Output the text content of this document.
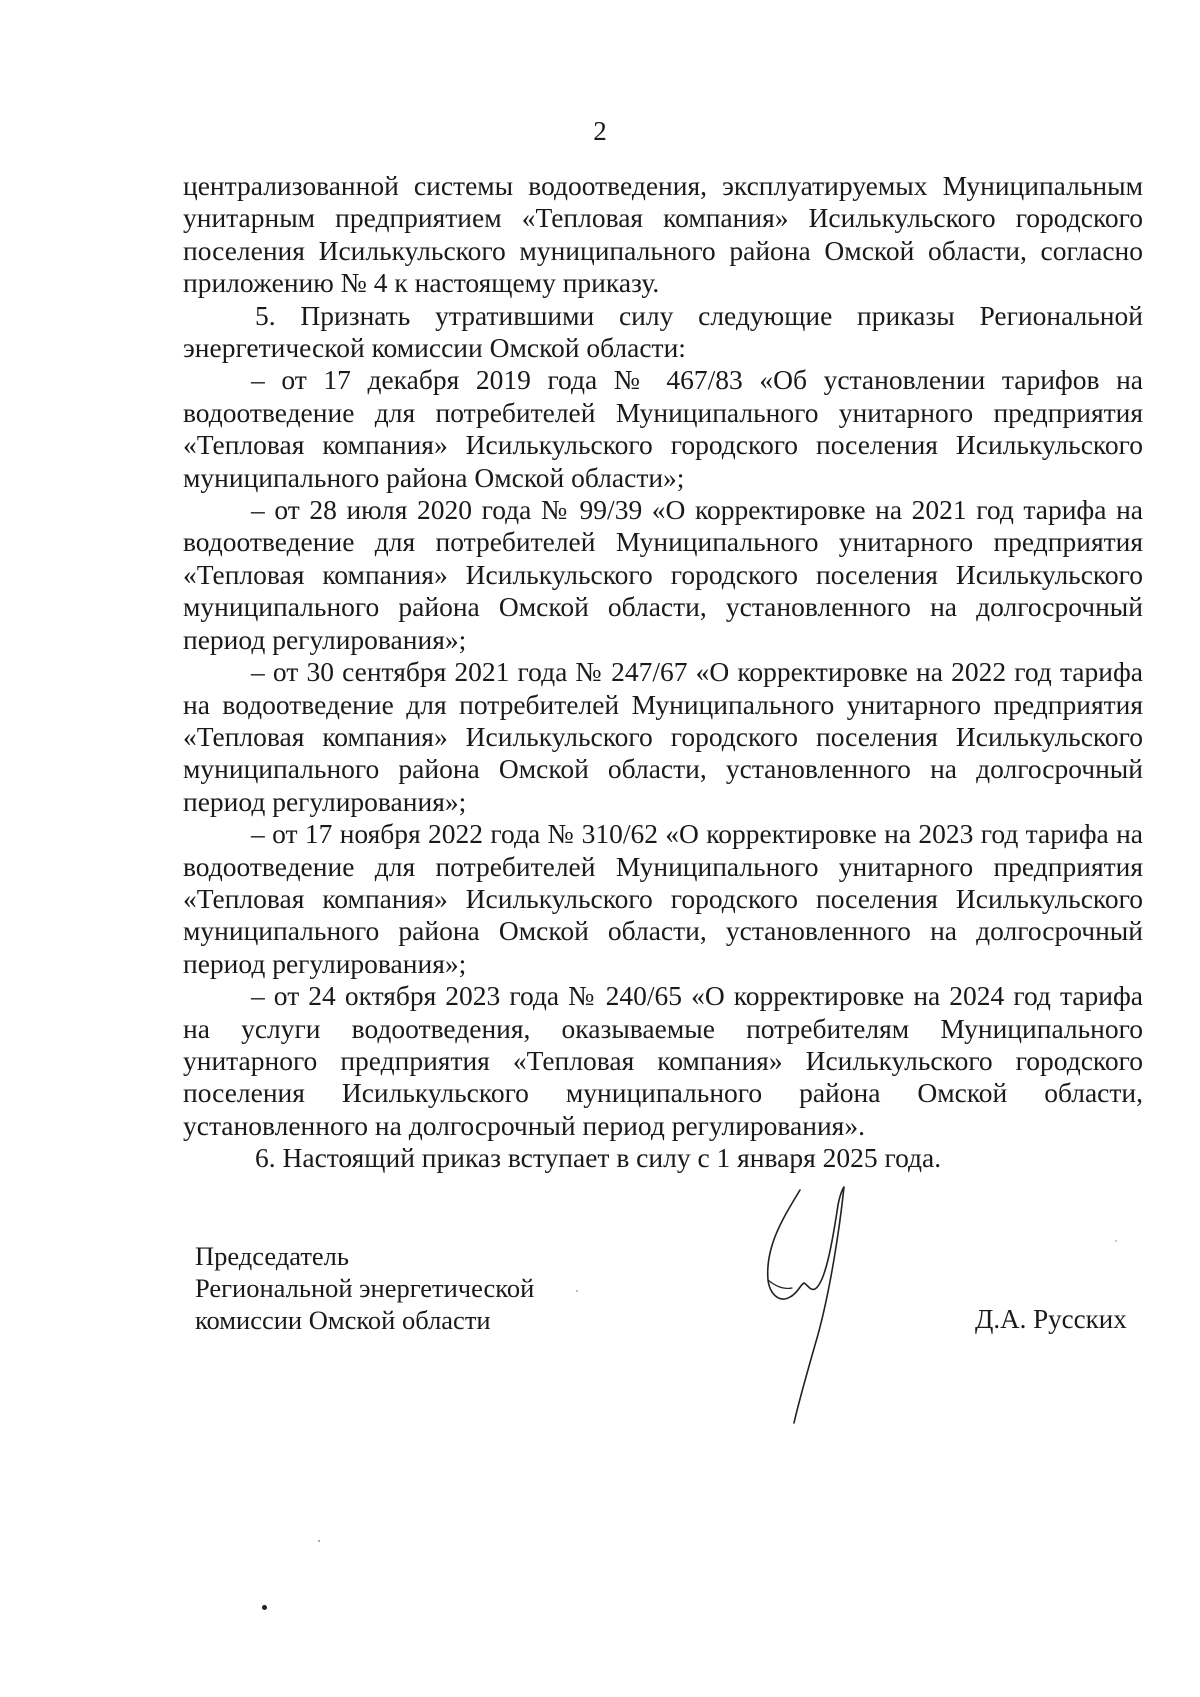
2

централизованной системы водоотведения, эксплуатируемых Муниципальным унитарным предприятием «Тепловая компания» Исилькульского городского поселения Исилькульского муниципального района Омской области, согласно приложению № 4 к настоящему приказу.

5. Признать утратившими силу следующие приказы Региональной энергетической комиссии Омской области:

– от 17 декабря 2019 года № 467/83 «Об установлении тарифов на водоотведение для потребителей Муниципального унитарного предприятия «Тепловая компания» Исилькульского городского поселения Исилькульского муниципального района Омской области»;

– от 28 июля 2020 года № 99/39 «О корректировке на 2021 год тарифа на водоотведение для потребителей Муниципального унитарного предприятия «Тепловая компания» Исилькульского городского поселения Исилькульского муниципального района Омской области, установленного на долгосрочный период регулирования»;

– от 30 сентября 2021 года № 247/67 «О корректировке на 2022 год тарифа на водоотведение для потребителей Муниципального унитарного предприятия «Тепловая компания» Исилькульского городского поселения Исилькульского муниципального района Омской области, установленного на долгосрочный период регулирования»;

– от 17 ноября 2022 года № 310/62 «О корректировке на 2023 год тарифа на водоотведение для потребителей Муниципального унитарного предприятия «Тепловая компания» Исилькульского городского поселения Исилькульского муниципального района Омской области, установленного на долгосрочный период регулирования»;

– от 24 октября 2023 года № 240/65 «О корректировке на 2024 год тарифа на услуги водоотведения, оказываемые потребителям Муниципального унитарного предприятия «Тепловая компания» Исилькульского городского поселения Исилькульского муниципального района Омской области, установленного на долгосрочный период регулирования».

6. Настоящий приказ вступает в силу с 1 января 2025 года.

Председатель
Региональной энергетической
комиссии Омской области	Д.А. Русских
